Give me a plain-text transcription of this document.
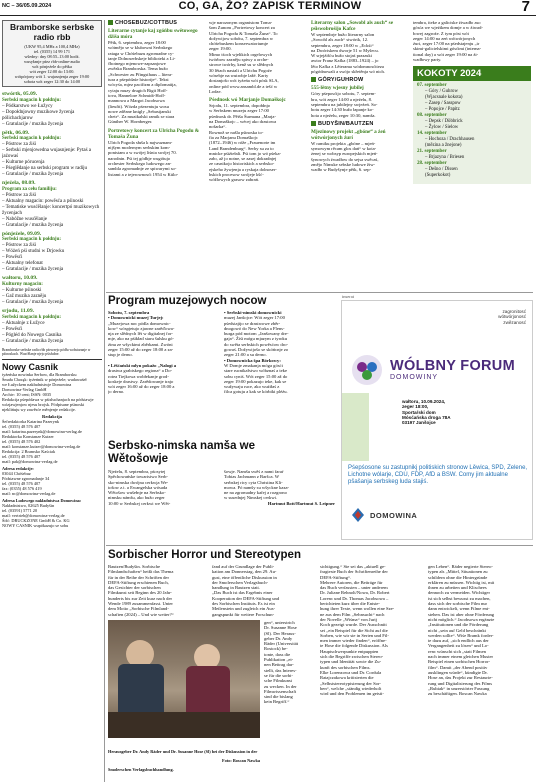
NC – 36/05.09.2024	CO, GA, ŽO? ZAPISK TERMINOW	7
Bramborske serbske radio rbb
(UKW 95,4 MHz a 100,4 MHz)
tel. (0355) 14 99 171
wšedny: dny 08:55–13:00 hodź.
wusyłanje pśez rbb-online-audio
wót pónjeźele do pětka
wót zeger 12:00 do 13:00.
wótpórjony wót 1. wujasnjenja zeger 19:00
sobota wót zeger 12:30 do 14:00
stwórtk, 05.09.
Serbski magacin k połdnju:
– Pódkarstwo we Łužycy
– Dopołdnjowny muzikowe žycenja pólichachjarow
– Gratulacije / muzika žycenja
pětk, 06.09.
Serbski magacin k połdnju:
– Póstrow za źiśi
– Serbski mjenjowedna wujasnjenje: Pytaś a jaźowaś
– Kulturne pórucenja
– Pśeglědanje na serbski program w radiju
– Gratulacije / muzika žycenja
njeźela, 08.09.
Program za cełu familiju:
– Póstrow za źiśi
– Aktualny magacin: powěsća a pśinoski
– Tematiske wusćělanje: koncertpó muzikowych žycenjach
– Nabóžne wusćělanje
– Gratulacije / muzika žycenja
pónjeźele, 09.09.
Serbski magacin k połdnju:
– Póstrow za źiśi
– Wóżeń pśi studni w Drjowku
– Powěsći
– Aktualny telefonat
– Gratulacije / muzika žycenja
wałtoru, 10.09.
Kulturny magacin:
– Kulturne pśinoski
– Gaž muzika zazněju
– Gratulacije / muzika žycenja
srjodu, 11.09.
Serbski magacin k połdnju:
– Aktualnje z Łužyce
– Powěsći
– Pógléd do Nowego Casnika
– Gratulacije / muzika žycenja
Bramborske serbske radio rbb pśewzejo pódłu wobstaranje w pśinoskach. Wusćělanje njejo pśisłušne.
Nowy Casnik
tyźeńska nowinka Serbow, dla Bramborsku
Šmała Chorąk: tyźeńnik w pónjeźele; wudawaśeł
we Łužyckem nakładnistwje Domowina
Domowina-Verlag GmbH
Archiv: 10 cent; ISSN: 0035
Redakcija pśepódawa w pśisłuchanjach na pódstawje
wózjawjenjow njesu brojsk. Pódpisane pśinoski
njeklińuju wy zawěsće měnjenje redakcije.
Redakcija
Šefredaktorka Katarina Pazerynk
tel. (0355) 48 576 407
mail: katarina.pazerynk@domowina-verlag.de
Redaktorka Konstanze Kutzer
tel. (0355) 48 576 402
mail: konstanze.kutzer@domowina-verlag.de
Redakcija: 2 Bramsko Kaściak
tel. (0355) 48 576 407
mail: pak@domowina-verlag.de
Adresa redakcije:
03044 Chóśebuz
Pódstawne zgromadanje 34
tel. (0355) 48 576 407
fax: (0355) 48 576 419
mail: nc@domowina-verlag.de
Adresa Ludowego nakładnistwa Domowina:
Nakładnistwo, 02625 Budyšin
tel. (03591) 5771 20
mail: vertrieb@domowina-verlag.de
Śišć: DRUCKZONE GmbH & Co. KG
NOWY CASNIK wupókazujo se sobu
CHÓSEBUZ/COTTBUS
Literarne cytanje kaj zgóńbu swětowego džiša móra
Pětk, 6. septembra, zeger 18:00
wótmějo se w klubowni Serbskego
rataga w Chóśebuzu zgromadne cy-
tanje Dolnoserbskeje biblioteki a Li-
čbotnego mjenowe-zapsanjowe
zwězka Bramborska. Tema bužo
„Schwester zu Pfingsthaus – litera-
tura a pśepódaśe historije“. Tekst
wócyśa, mjez pacifizm a diplomatija,
cytaju muzy drugich Bigit Hoff-
tova, Hannelore Schmidt-Hoff-
mannowa a Margot Jacobsowa
(lieuftt). Wózda pśezentuju wosu
nowe zděane knigly „Sebastjanski
chetr“. Za muzikalski ramik se stara
Günther W. Hornberger.
Portretowy koncert za Ulricha Pogodu & Tomaša Žuna
Ulrich Pogoda słuša k najwuznam-
nijšym modernym serbskim kom-
ponistam a w swójej liśnia swójej 70.
narodnin. Pśi tej gódbje wugótujo
orchester Serbskego ludowego an-
sambla zgromadnje ze spiwarymi so-
listami a z tejerownosći 1954 w Külo-
wje narozonym organistom Toma-
šom Zunom „Portretowy koncert za
Ulricha Pogodu & Tomaša Žuna“. To
dožywijow sobótu, 7. septembra w
chóśebuskem konserwatoriumje
zeger 19:00.
Mimo tśoch wjelikich orgelowych
twórbow zazněju spiwy a orche-
strowe twórby, kenž su w slědnych
30 lětach nastali a Ulrichu Pogoźe
wósebje na wutrobje lažé. Karty
dostanjošo wót tyźeńa wót pósk SLA,
online pód www.ansambl.de a tešć w
Lodze.
Pśednosk wó Marjanje Domaškojc
Srjodu, 11. septembra, dopołdnjo
w Serbskem muzeju zeger 17:00
pśednosk dr. Pětša Šurmana „Marja-
na Domaškojc – wécej ako drastowa
nošarka“.
Rownož se našla pśinoska to-
fia za Marjanu Domaškojc
(1872–1946) w róže „Frauenorte im
Land Brandenburg“. Serby su za to
mnicke pśiźiełali. Pśi tom jo wó pśeka-
zało, až jo notne, se zasej dokradnjej
ze casnikojo historiskich a serbsko-
ejskeho žywjenja a ryskaja dolnoser-
bskich procesow swójeje kšć-
wóžlowych grasow zabrań.
Literarny salon „Sowobl als auch“ se pśiswobrośijo Kafce
W septembrje bužo literarny salon
„Sowohl als auch“ stwórtk, 12.
septembra, zeger 18:00 w „Eckśi“
na Dwóriskem dworje 51 w Myšecu.
W srjejźišću bužo stojaś prazaski
awtor Franz Kafka (1883–1924) – jo
lěto Kafka z Lěterama wódomnosćiteza
pógódnowali a swójo skřetěnja wó nich.
GÓRY/GUHROW
555-lětny wjesny jubilej
Góry pśeposćijo sobotu, 7. septem-
bra, wót zeger 14:00 a njeźelu, 8.
septembra na jubilejny swjeźeń. So-
botu zeger 14:30 bužo łapanje ko-
hota a njeźelu, zeger 10:30, namša.
BUDYŠIN/BAUTZEN
Mjezinowy projekt „gbóne“ a źeń wótwórjonych źurí
W ramiku projekta „gbóne – mjeń-
symowym rěcam glos dań“ w kota-
żenej se wobsyp europejskich mjeń-
šynowych źwadłow do sejsa swěcaś,
změjo Nimske sebske ludowe žiw-
wadło w Budyšynje pětk, 6. sep-
tembra, iteke a galiciske źiwadło aso
gósća we wjeźikem domje a w źiwad-
łowej zagroźe. Z tym póst wót
zeger 14:00 na zeń wótwórjonych
źuri, zeger 17:00 na pśedstajenju „ir
skimi-galicielskimi gósćimi (interna-
tional day) a wót zeger 19:00 na źi-
wadłowy party.
KOKOTY 2024
07. september
– Góry / Guhrow
(Wjacsnale kokota)
– Zasep / Sasspow
– Popojce / Papitz
08. september
– Depsk / Döbbrick
– Žylow / Sielow
14. september
– Hochoza / Drachhausen
(mězina a žnejone)
21. september
– Brjazyna / Briesen
28. september
– Dešno / Dissen
(Superkokot)
Program muzejowych nocow
Sobotu, 7. septembra
• Domownicki muzej Turjej:
„Muzejowa noc pódla domownic-
kow“ wóspjetujo zjawne zarěďowa-
nja ze slědnych lět w digitalnej for-
mje, ako na pśikład staru šulsku gó-
źinu ze wšyckimi zběrkami. Zwóni
zeger 15:00 až do zeger 18:00 a za-
stup je derno.

• Lěšćański młyn pokažo „Nalogi a
drastwa grabiskego regiona“ a Do-
rotea Tiejkowa wobłekanje grod-
koskeje drastwy. Zarědowanje trajo
wót zeger 16:00 až do zeger 18:00 a
jo derno.
• Serbski-nimski domownicki
muzej Janšojce: Wót zeger 17:00
pśedstajijo se drastwowe zběr-
dnogowó do New Yorka a Flens-
burga pód motom „Janšowany dre-
gaja“. Źiśi mógu mjazym z tyroku
do swěta serbskich powěsćow dro-
gowaś. Dožywijošo se skóńcnje zo
zeger 21:00 a su derno.
• Domownicka špa Bórkowy:
W Domje zmakanja móga gósći
stare rucnikařstwo wóbznaś a teke
sobu cyniś. Wót zeger 15:00 až do
zeger 19:00 pokazujo teke, kak se
wužywaju ruce, ako wuźiłaś z
filca gotuju a kak se kórbiki pléźu.
Serbsko-nimska namša we Wětošowje
Njeźelu, 8. septembra, pśosytej
Spěchowańske towaristwo Serb-
sko-nimska dwójna cerkwja We-
tošow z.t. a Ewangelska wósada
Wětošow wušełnje na Serbsko-
nimsku námšu, ako bužo zeger
10:00 w Serbskej cerkwi we Wět-
šowje. Namšu swěś z nami faraŕ
Tobias Jachmann z Baršca. W
serbskej ricy cyta Christina Kli-
mowa. Pó namšy su wšyckne kaza-
ne na zgromadny kafej a rozgrono
w susednjej Nimskej cerkwi.
Hartmut Bott/Hartmut S. Leipner
inserat
zagronitosć
wótwórjonosć
zwězanosć
WÓLBNY FORUM
DOMOWINY
wałtoru, 10.09.2024,
zeger 18:00,
Sportaŕski dom
Mósćańska droga 78A
03197 Janšojce
Pśepśosone su zastupnikj politiskich stronow Lěwica, SPD, Zelene, Lichotne wólarje, CDU, FDP, AfD a BSW. Comy jim aktualne pšašanja serbskeg luda stajiś.
DOMOWINA
Sorbischer Horror und Stereotypen
Bautzen/Budyšin. Sorbische
Filmlandschaften“ heißt das Thema
für in der Reihe der Schriften der
DEFA-Stiftung erschienen Buch,
das Gesichter der sorbischen
Filmkunst seit Beginn des 20 Jahr-
hunderts bis zur Zeit kurz nach der
Wende 1989 zusammenfasst. Unter
dem Motto „Sorbische Filmland-
schaften (2024) – Und wie weiter?“
fand auf der Grundlage der Publi-
kation am Donnerstag, den 29. Au-
gust, eine öffentliche Diskussion in
der Smolerschen Verlagsbuch-
handlung in Bautzen statt.
„Das Buch ist das Ergebnis einer
Kooperation der DEFA-Stiftung und
des Sorbischen Instituts. Es ist ein
Meilenstein und zugleich ein Aus-
gangspunkt für weitere Forschun-
Herausgeber Dr. Andy Räder und Dr. Susanne Hose (Sl) bei der Diskussion in der Smolerschen Verlagsbuchhandlung.
Foto: Boscan Nawka
gen“, unterstrich
Dr. Susanne Hose
(Sl). Der Heraus-
geber Dr. Andy
Räder (Universität
Rostock) be-
tonte, dass die
Publikation „ei-
nen Beitrag dar-
stellt, das Interes-
se für die sorbi-
sche Filmkunst
zu wecken. In der
Filmwissenschaft
sind die bislang
kein Begriff.“
sichtigung.“ Sie sei das „aktuell ge-
fragteste Buch der Schriftenreihe der
DEFA-Stiftung“.
Mehrere Autoren, die Beiträge für
das Buch verfassten – unter anderem
Dr. Juliane Rehnolt/Nowa, Dr. Robert
Lorenc und Dr. Thomas Jacobsowa –
berichteten kurz über die Entste-
hung ihrer Texte, wenn wollen eine Sze-
ne aus dem Film „Sehnsucht“ nach
der Novelle „Wiśma“ von Jurij
Koch gezeigt wurde. Der Ausschnitt
sei „ein Beispiel für die Sicht auf die
Sorben, wie wir sie in Serien und Fil-
men immer wieder finden“, eröffne-
te Hose die folgende Diskussion. Als
Hauptschwerpunkte entpuppten
sich die Begriffe zwischen Stereo-
typen und Identität sowie die Zu-
kunft des sorbischen Films.
Elke Lorenzowa und Dr. Cordula
Ratajczakowa kritisierten die
„Selbststereotypisierung der Sor-
ben“, welche „ständig wiederholt
wird und den Problemen im geisti-
gen Leben“. Räder negierte Stereo-
typen als „Mittel, Situationen zu
schildern ohne die Hintergründe
erklären zu müssen. Wichtig ist, mit
ihnen zu arbeiten und Klischees
dennoch zu vermeiden. Wichtiger
ist sich selbst bewusst zu machen,
dass sich der sorbische Film nur
dann entwickelt, wenn Filme ent-
stehen. Das ist aber ohne Förderung
nicht möglich.“ Jacobsowa ergänzte
„Institutionen und die Förderung
nicht „sein auf Geld beschränkt
werden sollte“. Wiśe Bramk forder-
te dazu auf, „sich endlich aus der
Vergangenheit zu lösen“ und Lo-
renc wünscht sich „statt Filmen
nach immer einem gleichen Muster
Beispiel einen sorbischen Horror-
film“. Damit „der Abend positiv
ausklingen würde“, kündigte Dr.
Hose an, das Projekt zur Restaurie-
rung und Digitalisierung des Films
„Rubiak“ in unzerstörter Fassung
zu beschäftigen. Boscan Nawka
